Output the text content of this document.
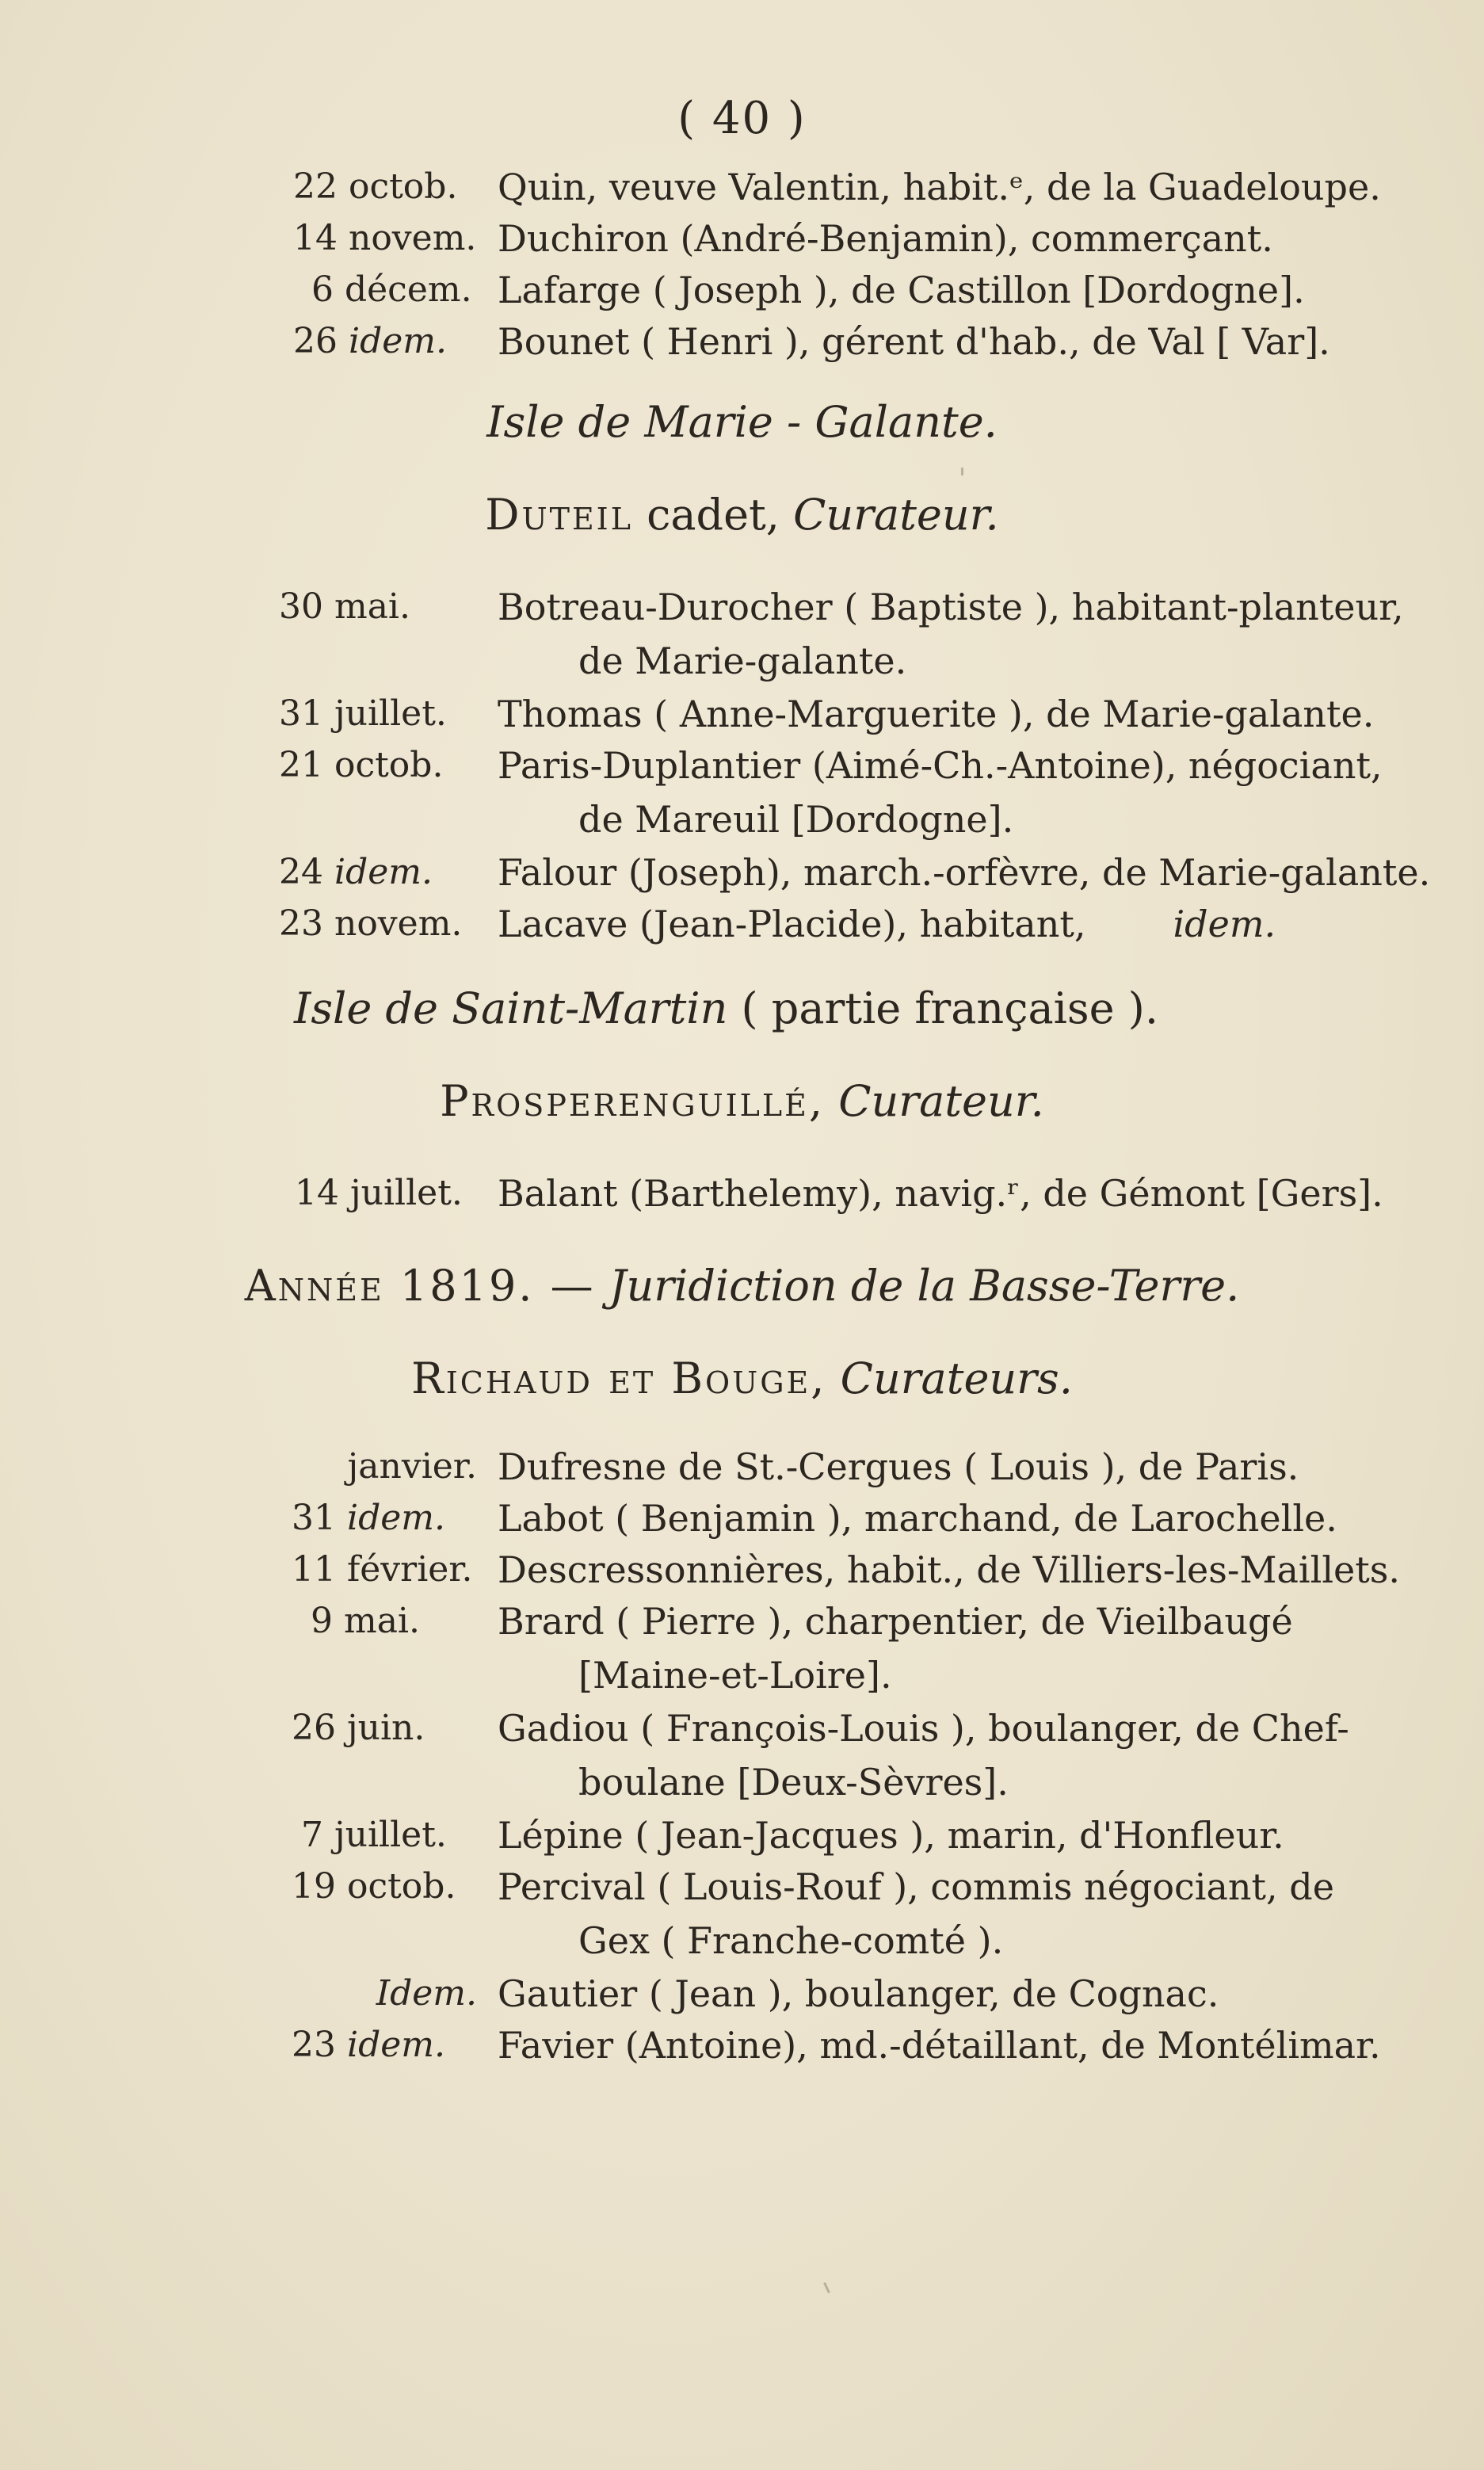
( 40 )
22 octob.	Quin, veuve Valentin, habit.ᵉ, de la Guadeloupe.
14 novem. Duchiron (André-Benjamin), commerçant.
6 décem. Lafarge ( Joseph ), de Castillon [Dordogne].
26 idem.	Bounet ( Henri ), gérent d'hab., de Val [ Var].
Isle de Marie - Galante.
Duteil cadet, Curateur.
30 mai.	Botreau-Durocher ( Baptiste ), habitant-planteur,
de Marie-galante.
31 juillet.	Thomas ( Anne-Marguerite ), de Marie-galante.
21 octob.	Paris-Duplantier (Aimé-Ch.-Antoine), négociant,
de Mareuil [Dordogne].
24 idem.	Falour (Joseph), march.-orfèvre, de Marie-galante.
23 novem. Lacave (Jean-Placide), habitant, idem.
Isle de Saint-Martin ( partie française ).
Prosperenguillé, Curateur.
14 juillet. Balant (Barthelemy), navig.ʳ, de Gémont [Gers].
Année 1819. — Juridiction de la Basse-Terre.
Richaud et Bouge, Curateurs.
janvier. Dufresne de St.-Cergues ( Louis ), de Paris.
31 idem.	Labot ( Benjamin ), marchand, de Larochelle.
11 février. Descressonnières, habit., de Villiers-les-Maillets.
9 mai.	Brard ( Pierre ), charpentier, de Vieilbaugé
[Maine-et-Loire].
26 juin.	Gadiou ( François-Louis ), boulanger, de Chef-
boulane [Deux-Sèvres].
7 juillet.	Lépine ( Jean-Jacques ), marin, d'Honfleur.
19 octob.	Percival ( Louis-Rouf ), commis négociant, de
Gex ( Franche-comté ).
Idem. Gautier ( Jean ), boulanger, de Cognac.
23 idem.	Favier (Antoine), md.-détaillant, de Montélimar.
